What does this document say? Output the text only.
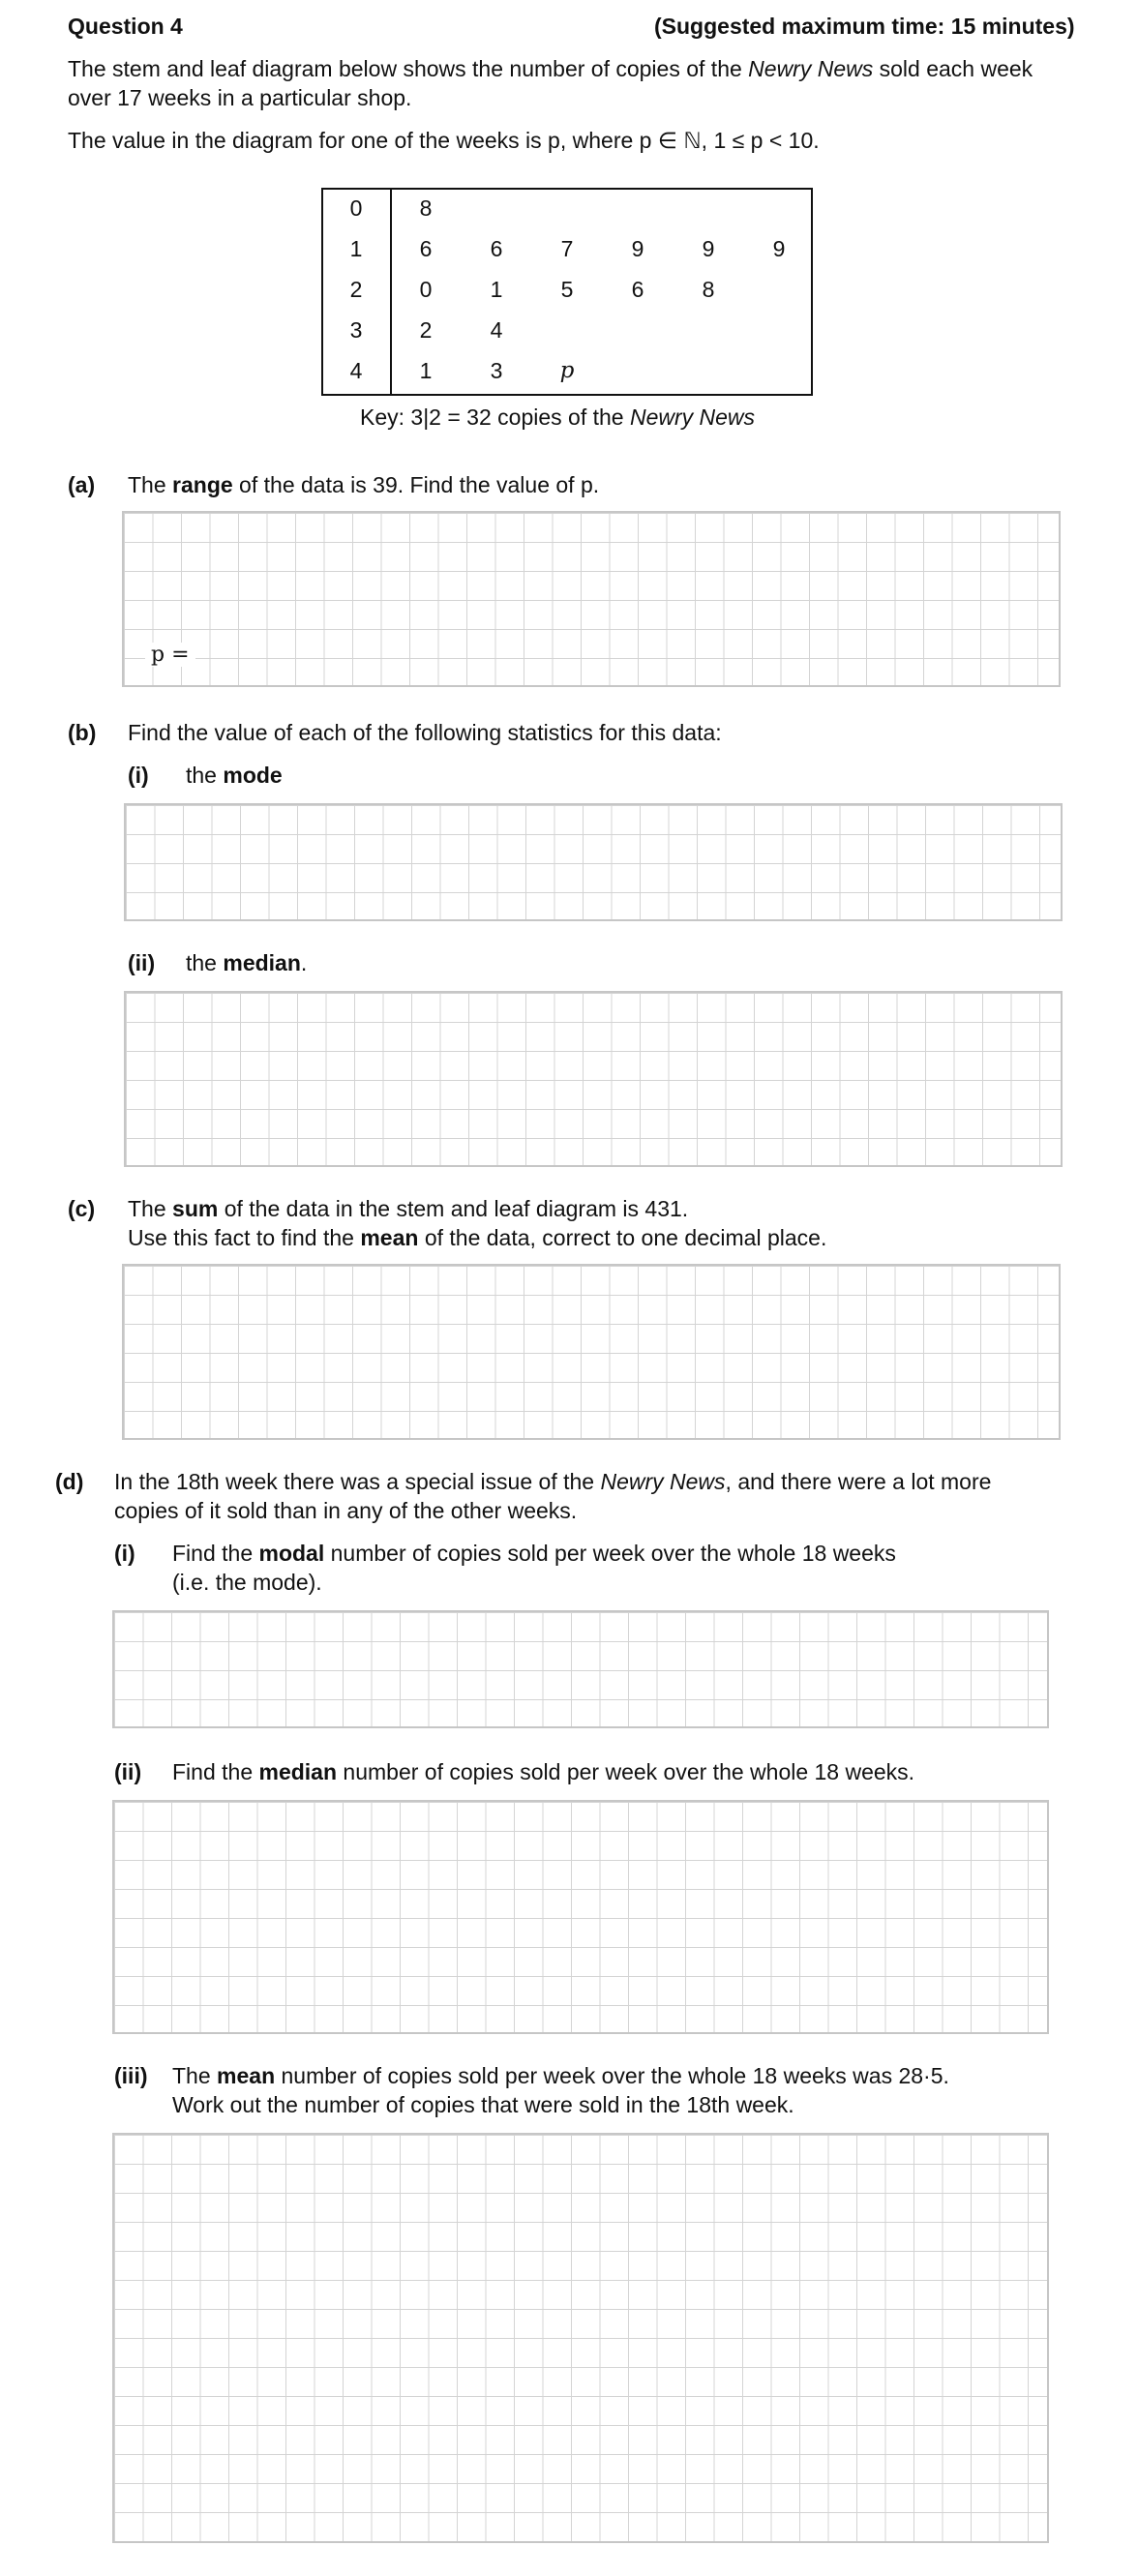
Question 4	(Suggested maximum time: 15 minutes)
The stem and leaf diagram below shows the number of copies of the Newry News sold each week
over 17 weeks in a particular shop.
The value in the diagram for one of the weeks is p, where p ∈ ℕ, 1 ≤ p < 10.
0	8
1	6	6	7	9	9	9
2	0	1	5	6	8
3	2	4
4	1	3	p
Key: 3|2 = 32 copies of the Newry News
(a) The range of the data is 39. Find the value of p.
p =
(b) Find the value of each of the following statistics for this data:
(i) the mode
(ii) the median.
(c) The sum of the data in the stem and leaf diagram is 431.
Use this fact to find the mean of the data, correct to one decimal place.
(d) In the 18th week there was a special issue of the Newry News, and there were a lot more
copies of it sold than in any of the other weeks.
(i) Find the modal number of copies sold per week over the whole 18 weeks
(i.e. the mode).
(ii) Find the median number of copies sold per week over the whole 18 weeks.
(iii) The mean number of copies sold per week over the whole 18 weeks was 28·5.
Work out the number of copies that were sold in the 18th week.
